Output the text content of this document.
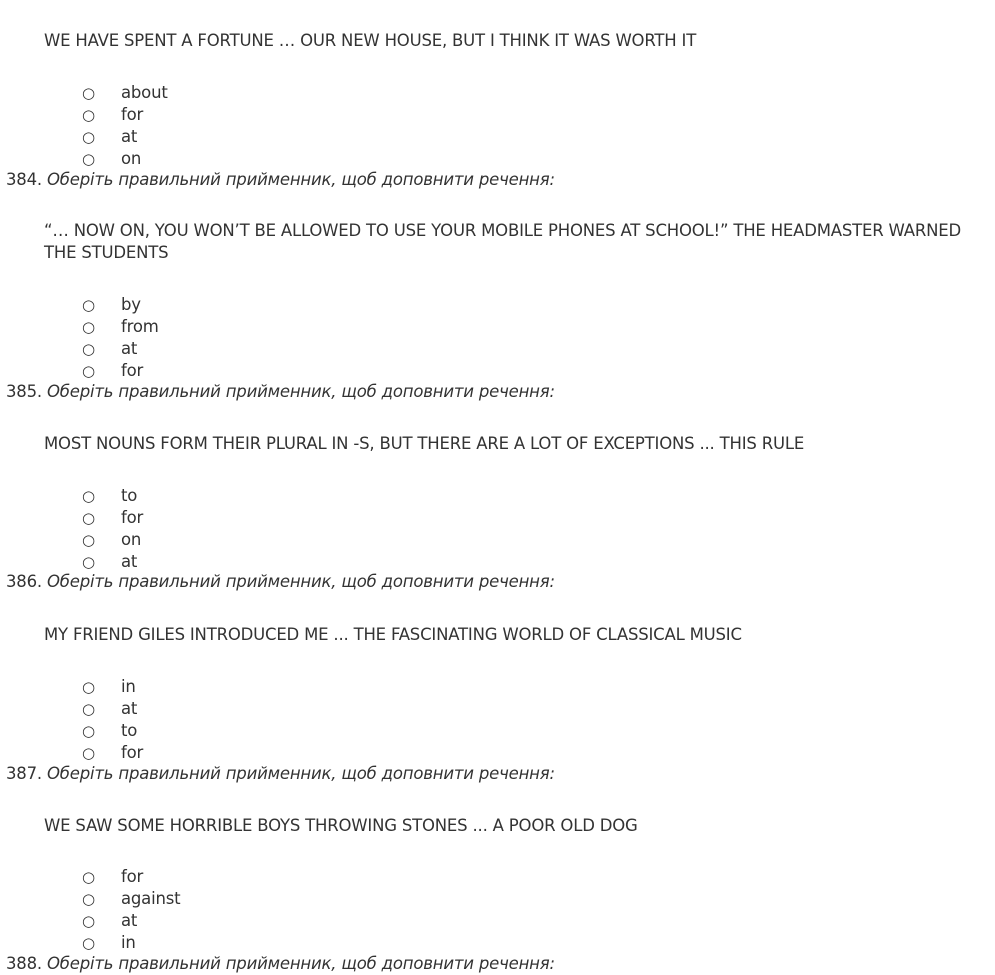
WE HAVE SPENT A FORTUNE … OUR NEW HOUSE, BUT I THINK IT WAS WORTH IT
○ about
○ for
○ at
○ on
384. Оберіть правильний прийменник, щоб доповнити речення:
“… NOW ON, YOU WON’T BE ALLOWED TO USE YOUR MOBILE PHONES AT SCHOOL!” THE HEADMASTER WARNED THE STUDENTS
○ by
○ from
○ at
○ for
385. Оберіть правильний прийменник, щоб доповнити речення:
MOST NOUNS FORM THEIR PLURAL IN -S, BUT THERE ARE A LOT OF EXCEPTIONS ... THIS RULE
○ to
○ for
○ on
○ at
386. Оберіть правильний прийменник, щоб доповнити речення:
MY FRIEND GILES INTRODUCED ME ... THE FASCINATING WORLD OF CLASSICAL MUSIC
○ in
○ at
○ to
○ for
387. Оберіть правильний прийменник, щоб доповнити речення:
WE SAW SOME HORRIBLE BOYS THROWING STONES ... A POOR OLD DOG
○ for
○ against
○ at
○ in
388. Оберіть правильний прийменник, щоб доповнити речення:
